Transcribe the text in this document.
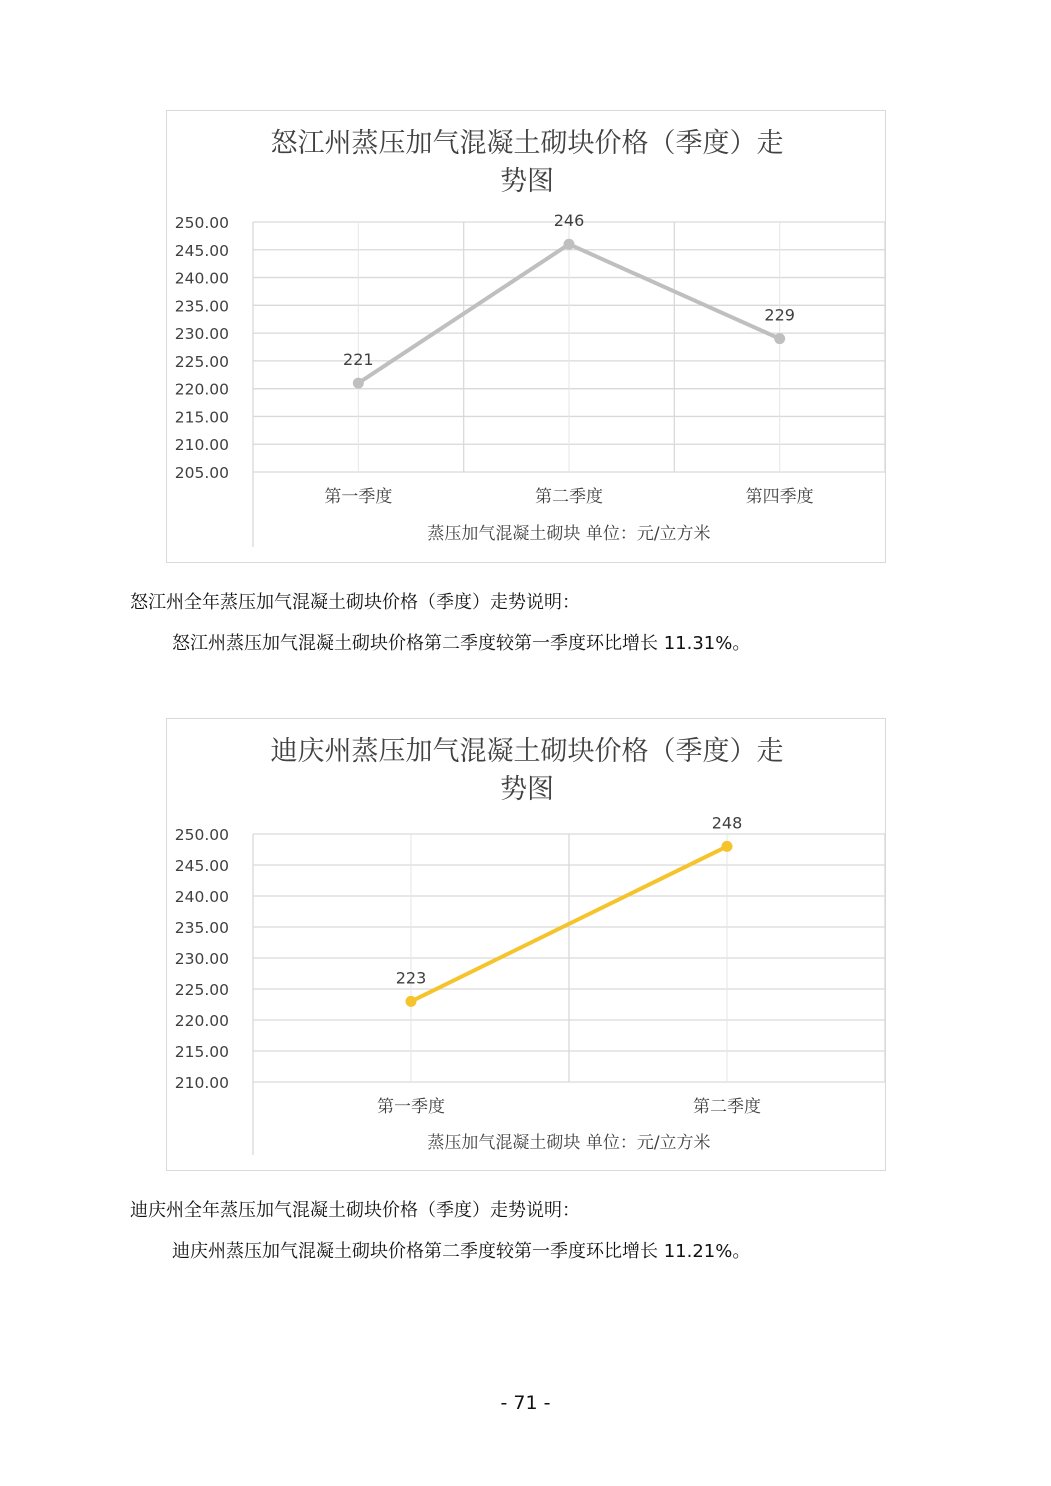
怒江州蒸压加气混凝土砌块价格（季度）走
势图
250.00
245.00
240.00
235.00
230.00
225.00
220.00
215.00
210.00
205.00
第一季度	第二季度	第四季度
蒸压加气混凝土砌块 单位：元/立方米
221
246
229
怒江州全年蒸压加气混凝土砌块价格（季度）走势说明：
怒江州蒸压加气混凝土砌块价格第二季度较第一季度环比增长 11.31%。
迪庆州蒸压加气混凝土砌块价格（季度）走
势图
250.00
245.00
240.00
235.00
230.00
225.00
220.00
215.00
210.00
第一季度	第二季度
蒸压加气混凝土砌块 单位：元/立方米
223
248
迪庆州全年蒸压加气混凝土砌块价格（季度）走势说明：
迪庆州蒸压加气混凝土砌块价格第二季度较第一季度环比增长 11.21%。
- 71 -
